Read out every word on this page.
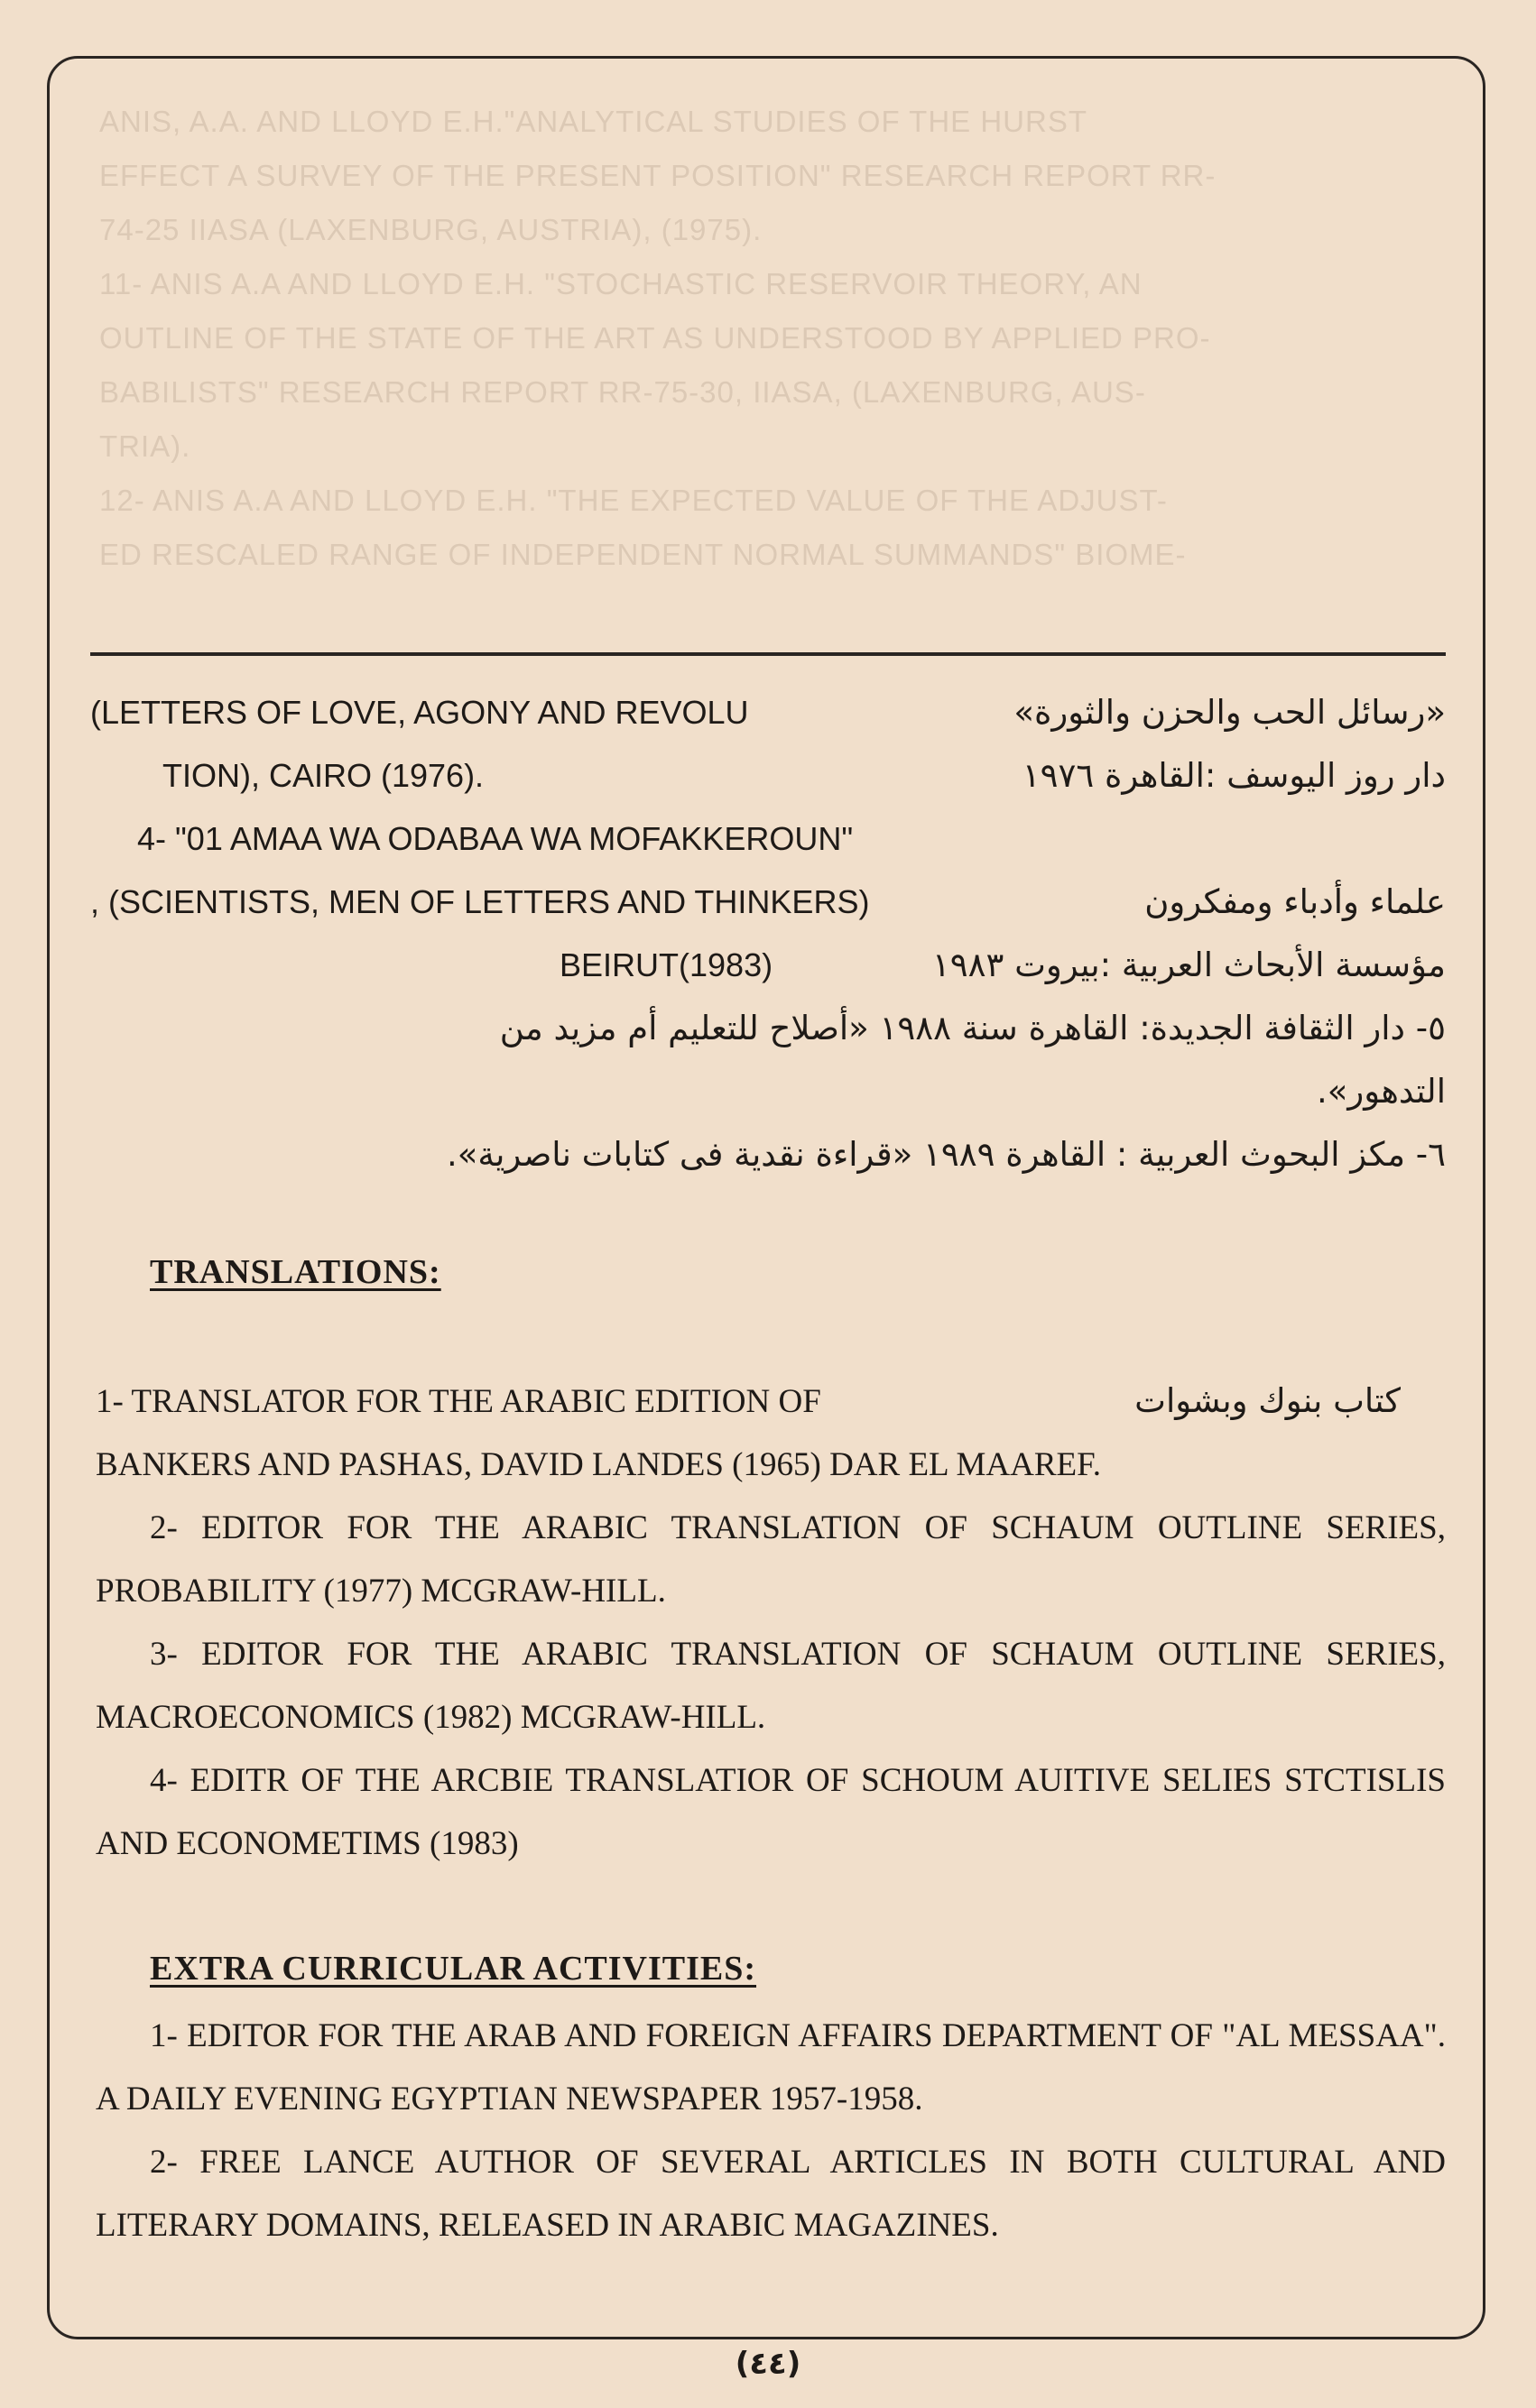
ANIS, A.A. AND LLOYD E.H."ANALYTICAL STUDIES OF THE HURST
EFFECT A SURVEY OF THE PRESENT POSITION" RESEARCH REPORT RR-
74-25 IIASA (LAXENBURG, AUSTRIA), (1975).
11- ANIS A.A AND LLOYD E.H. "STOCHASTIC RESERVOIR THEORY, AN
OUTLINE OF THE STATE OF THE ART AS UNDERSTOOD BY APPLIED PRO-
BABILISTS" RESEARCH REPORT RR-75-30, IIASA, (LAXENBURG, AUS-
TRIA).
12- ANIS A.A AND LLOYD E.H. "THE EXPECTED VALUE OF THE ADJUST-
ED RESCALED RANGE OF INDEPENDENT NORMAL SUMMANDS" BIOME-
(LETTERS OF LOVE, AGONY AND REVOLU	«رسائل الحب والحزن والثورة»
TION), CAIRO (1976).	دار روز اليوسف :القاهرة ١٩٧٦
4- "01 AMAA WA ODABAA WA MOFAKKEROUN"
, (SCIENTISTS, MEN OF LETTERS AND THINKERS)	علماء وأدباء ومفكرون
BEIRUT(1983)	مؤسسة الأبحاث العربية :بيروت ١٩٨٣
٥- دار الثقافة الجديدة: القاهرة سنة ١٩٨٨ «أصلاح للتعليم أم مزيد من
التدهور».
٦- مكز البحوث العربية : القاهرة ١٩٨٩ «قراءة نقدية فى كتابات ناصرية».
TRANSLATIONS:
1- TRANSLATOR FOR THE ARABIC EDITION OF	كتاب بنوك وبشوات

BANKERS AND PASHAS, DAVID LANDES (1965) DAR EL MAAREF.

2- EDITOR FOR THE ARABIC TRANSLATION OF SCHAUM OUTLINE SERIES, PROBABILITY (1977) MCGRAW-HILL.

3- EDITOR FOR THE ARABIC TRANSLATION OF SCHAUM OUTLINE SERIES, MACROECONOMICS (1982) MCGRAW-HILL.

4- EDITR OF THE ARCBIE TRANSLATIOR OF SCHOUM AUITIVE SELIES STCTISLIS AND ECONOMETIMS (1983)

EXTRA CURRICULAR ACTIVITIES:

1- EDITOR FOR THE ARAB AND FOREIGN AFFAIRS DEPARTMENT OF "AL MESSAA". A DAILY EVENING EGYPTIAN NEWSPAPER 1957-1958.

2- FREE LANCE AUTHOR OF SEVERAL ARTICLES IN BOTH CULTURAL AND LITERARY DOMAINS, RELEASED IN ARABIC MAGAZINES.

(٤٤)
